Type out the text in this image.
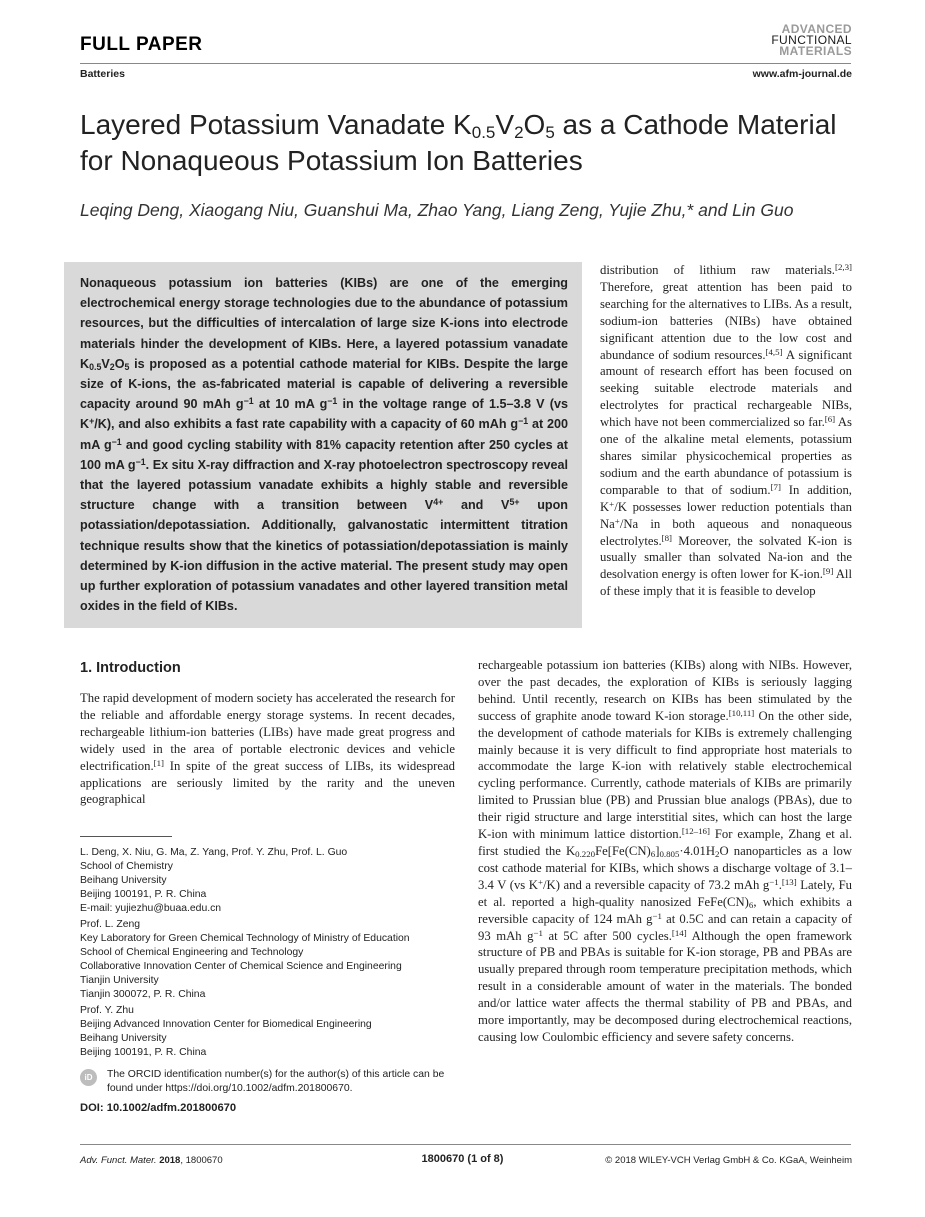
FULL PAPER
ADVANCED
FUNCTIONAL
MATERIALS
Batteries	www.afm-journal.de
Layered Potassium Vanadate $K_{0.5}V_2O_5$ as a Cathode Material for Nonaqueous Potassium Ion Batteries
Leqing Deng, Xiaogang Niu, Guanshui Ma, Zhao Yang, Liang Zeng, Yujie Zhu,* and Lin Guo

Nonaqueous potassium ion batteries (KIBs) are one of the emerging electrochemical energy storage technologies due to the abundance of potassium resources, but the difficulties of intercalation of large size K-ions into electrode materials hinder the development of KIBs. Here, a layered potassium vanadate $K_{0.5}V_2O_5$ is proposed as a potential cathode material for KIBs. Despite the large size of K-ions, the as-fabricated material is capable of delivering a reversible capacity around 90 mAh $g^{-1}$ at 10 mA $g^{-1}$ in the voltage range of 1.5–3.8 V (vs K+/K), and also exhibits a fast rate capability with a capacity of 60 mAh $g^{-1}$ at 200 mA $g^{-1}$ and good cycling stability with 81% capacity retention after 250 cycles at 100 mA $g^{-1}$. Ex situ X-ray diffraction and X-ray photoelectron spectroscopy reveal that the layered potassium vanadate exhibits a highly stable and reversible structure change with a transition between $V^{4+}$ and $V^{5+}$ upon potassiation/depotassiation. Additionally, galvanostatic intermittent titration technique results show that the kinetics of potassiation/depotassiation is mainly determined by K-ion diffusion in the active material. The present study may open up further exploration of potassium vanadates and other layered transition metal oxides in the field of KIBs.

distribution of lithium raw materials.[2,3] Therefore, great attention has been paid to searching for the alternatives to LIBs. As a result, sodium-ion batteries (NIBs) have obtained significant attention due to the low cost and abundance of sodium resources.[4,5] A significant amount of research effort has been focused on seeking suitable electrode materials and electrolytes for practical rechargeable NIBs, which have not been commercialized so far.[6] As one of the alkaline metal elements, potassium shares similar physicochemical properties as sodium and the earth abundance of potassium is comparable to that of sodium.[7] In addition, K+/K possesses lower reduction potentials than Na+/Na in both aqueous and nonaqueous electrolytes.[8] Moreover, the solvated K-ion is usually smaller than solvated Na-ion and the desolvation energy is often lower for K-ion.[9] All of these imply that it is feasible to develop

1. Introduction

The rapid development of modern society has accelerated the research for the reliable and affordable energy storage systems. In recent decades, rechargeable lithium-ion batteries (LIBs) have made great progress and widely used in the area of portable electronic devices and vehicle electrification.[1] In spite of the great success of LIBs, its widespread applications are seriously limited by the rarity and the uneven geographical

rechargeable potassium ion batteries (KIBs) along with NIBs. However, over the past decades, the exploration of KIBs is seriously lagging behind. Until recently, research on KIBs has been stimulated by the success of graphite anode toward K-ion storage.[10,11] On the other side, the development of cathode materials for KIBs is extremely challenging mainly because it is very difficult to find appropriate host materials to accommodate the large K-ion with relatively stable electrochemical cycling performance. Currently, cathode materials of KIBs are primarily limited to Prussian blue (PB) and Prussian blue analogs (PBAs), due to their rigid structure and large interstitial sites, which can host the large K-ion with minimum lattice distortion.[12–16] For example, Zhang et al. first studied the $K_{0.220}Fe[Fe(CN)_6]_{0.805}\cdot 4.01H_2O$ nanoparticles as a low cost cathode material for KIBs, which shows a discharge voltage of 3.1–3.4 V (vs K+/K) and a reversible capacity of 73.2 mAh $g^{-1}.[13]$ Lately, Fu et al. reported a high-quality nanosized $FeFe(CN)_6$, which exhibits a reversible capacity of 124 mAh $g^{-1}$ at 0.5C and can retain a capacity of 93 mAh $g^{-1}$ at 5C after 500 cycles.[14] Although the open framework structure of PB and PBAs is suitable for K-ion storage, PB and PBAs are usually prepared through room temperature precipitation methods, which result in a considerable amount of water in the materials. The bonded and/or lattice water affects the thermal stability of PB and PBAs, and more importantly, may be decomposed during electrochemical reactions, causing low Coulombic efficiency and severe safety concerns.

L. Deng, X. Niu, G. Ma, Z. Yang, Prof. Y. Zhu, Prof. L. Guo
School of Chemistry
Beihang University
Beijing 100191, P. R. China
E-mail: yujiezhu@buaa.edu.cn
Prof. L. Zeng
Key Laboratory for Green Chemical Technology of Ministry of Education
School of Chemical Engineering and Technology
Collaborative Innovation Center of Chemical Science and Engineering
Tianjin University
Tianjin 300072, P. R. China
Prof. Y. Zhu
Beijing Advanced Innovation Center for Biomedical Engineering
Beihang University
Beijing 100191, P. R. China
iD	The ORCID identification number(s) for the author(s) of this article can be found under https://doi.org/10.1002/adfm.201800670.
DOI: 10.1002/adfm.201800670
Adv. Funct. Mater. 2018, 1800670	1800670 (1 of 8)	© 2018 WILEY-VCH Verlag GmbH & Co. KGaA, Weinheim
